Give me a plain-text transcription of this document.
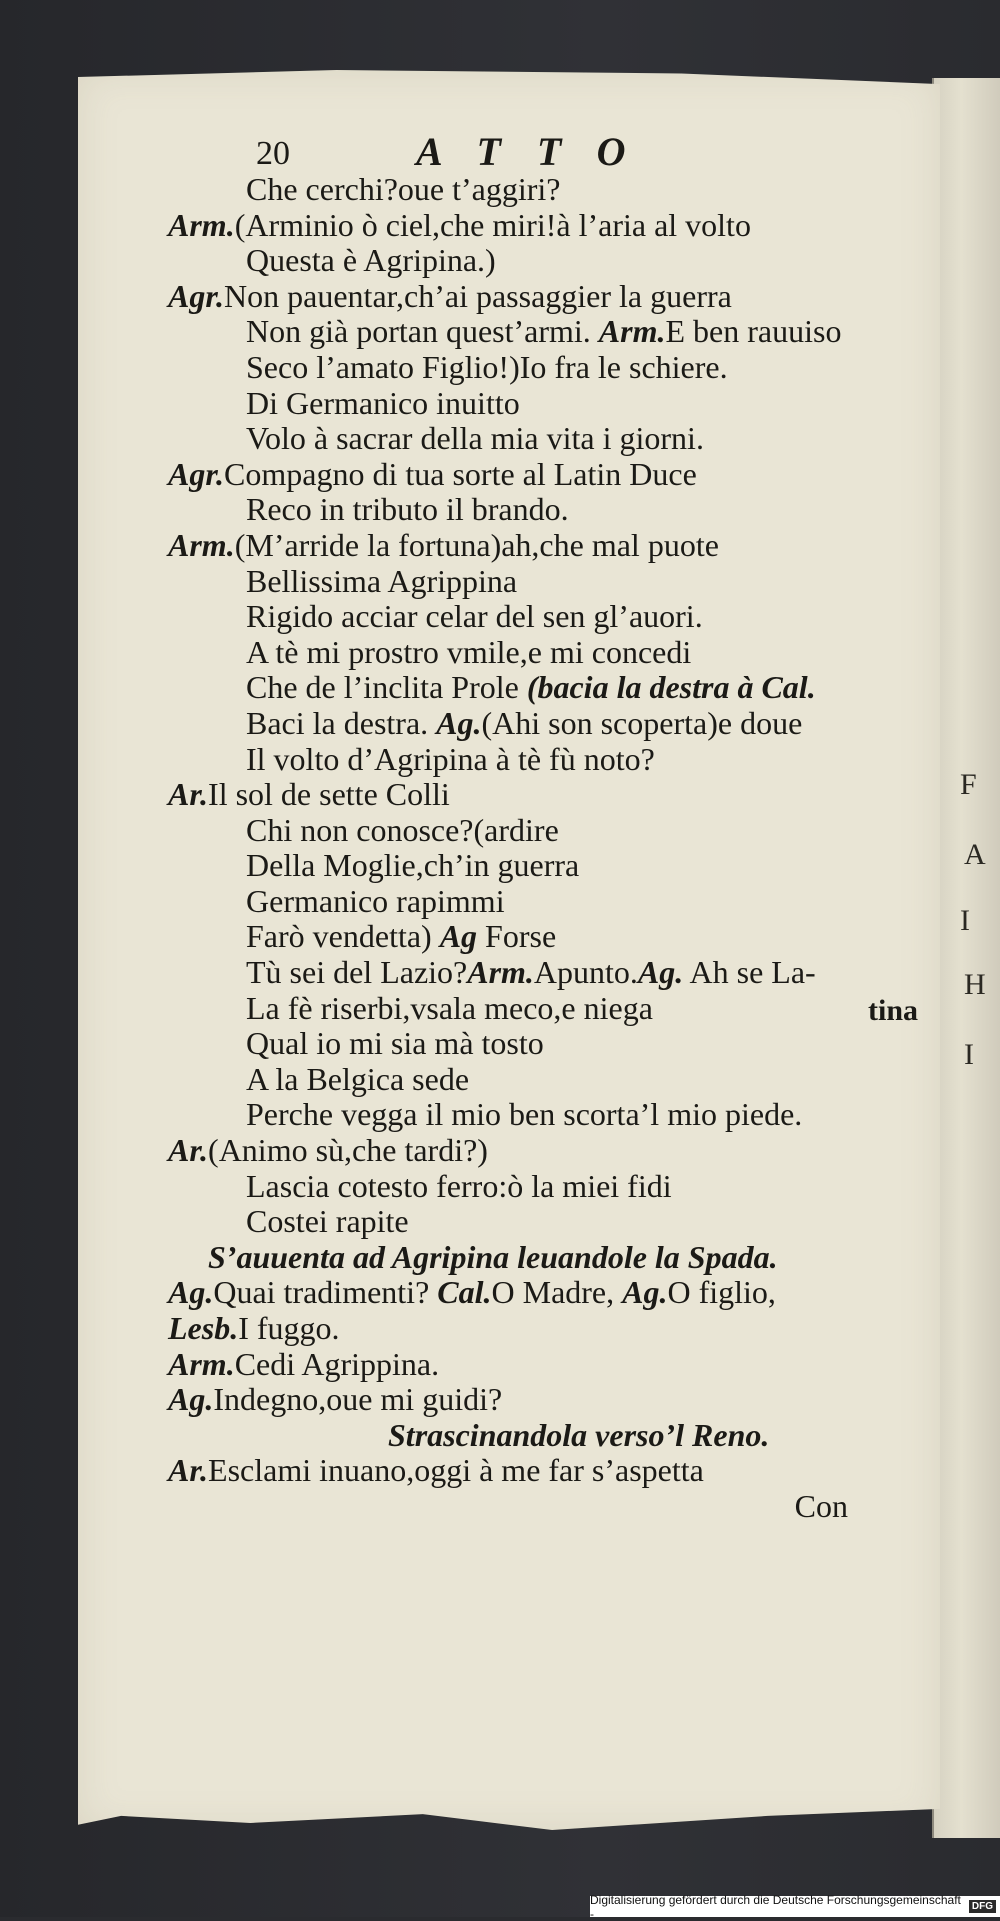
F
A
I
H
I
20	ATTO
Che cerchi?oue t’aggiri?
Arm.(Arminio ò ciel,che miri!à l’aria al volto
Questa è Agripina.)
Agr.Non pauentar,ch’ai passaggier la guerra
Non già portan quest’armi. Arm.E ben rauuiso
Seco l’amato Figlio!)Io fra le schiere.
Di Germanico inuitto
Volo à sacrar della mia vita i giorni.
Agr.Compagno di tua sorte al Latin Duce
Reco in tributo il brando.
Arm.(M’arride la fortuna)ah,che mal puote
Bellissima Agrippina
Rigido acciar celar del sen gl’auori.
A tè mi prostro vmile,e mi concedi
Che de l’inclita Prole (bacia la destra à Cal.
Baci la destra. Ag.(Ahi son scoperta)e doue
Il volto d’Agripina à tè fù noto?
Ar.Il sol de sette Colli
Chi non conosce?(ardire
Della Moglie,ch’in guerra
Germanico rapimmi
Farò vendetta) Ag Forse
Tù sei del Lazio?Arm.Apunto.Ag. Ah se La-
La fè riserbi,vsala meco,e niega
Qual io mi sia mà tosto
A la Belgica sede
Perche vegga il mio ben scorta’l mio piede.
Ar.(Animo sù,che tardi?)
Lascia cotesto ferro:ò la miei fidi
Costei rapite
S’auuenta ad Agripina leuandole la Spada.
Ag.Quai tradimenti? Cal.O Madre, Ag.O figlio,
Lesb.I fuggo.
Arm.Cedi Agrippina.
Ag.Indegno,oue mi guidi?
Strascinandola verso’l Reno.
Ar.Esclami inuano,oggi à me far s’aspetta
Con
tina
Digitalisierung gefördert durch die Deutsche Forschungsgemeinschaft -	DFG
